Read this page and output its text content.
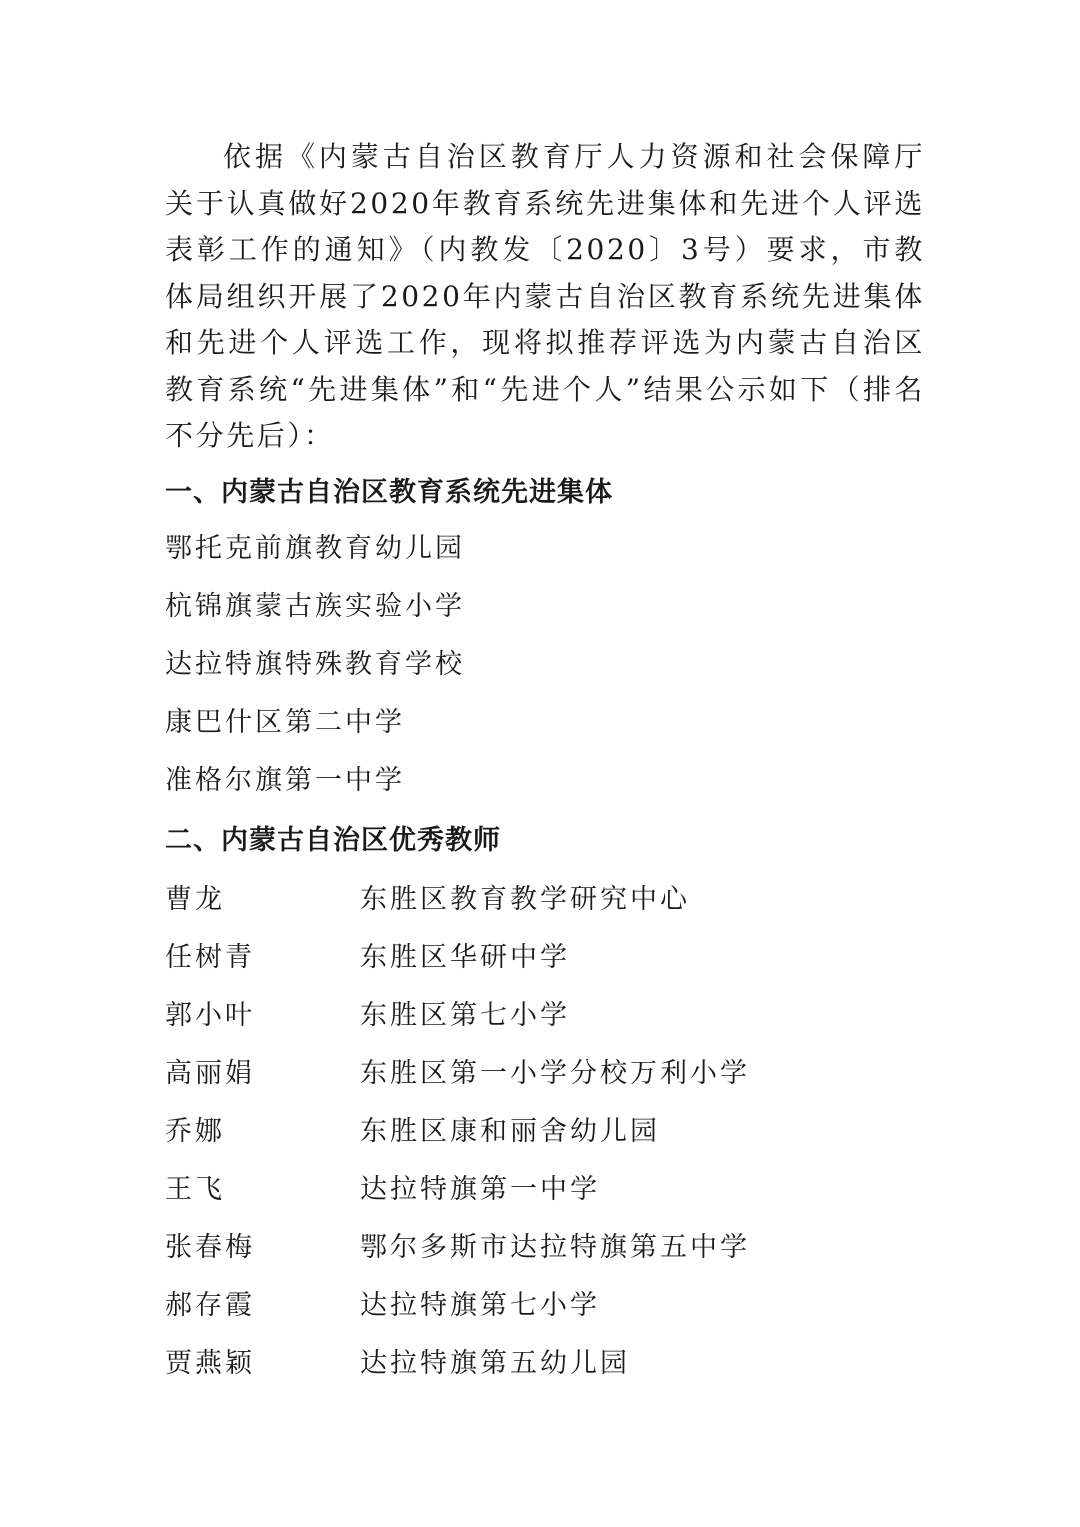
依据《内蒙古自治区教育厅人力资源和社会保障厅关于认真做好2020年教育系统先进集体和先进个人评选表彰工作的通知》（内教发〔2020〕3号）要求，市教体局组织开展了2020年内蒙古自治区教育系统先进集体和先进个人评选工作，现将拟推荐评选为内蒙古自治区教育系统“先进集体”和“先进个人”结果公示如下（排名不分先后）：

一、内蒙古自治区教育系统先进集体
鄂托克前旗教育幼儿园
杭锦旗蒙古族实验小学
达拉特旗特殊教育学校
康巴什区第二中学
准格尔旗第一中学
二、内蒙古自治区优秀教师
曹龙	东胜区教育教学研究中心
任树青	东胜区华研中学
郭小叶	东胜区第七小学
高丽娟	东胜区第一小学分校万利小学
乔娜	东胜区康和丽舍幼儿园
王飞	达拉特旗第一中学
张春梅	鄂尔多斯市达拉特旗第五中学
郝存霞	达拉特旗第七小学
贾燕颖	达拉特旗第五幼儿园
